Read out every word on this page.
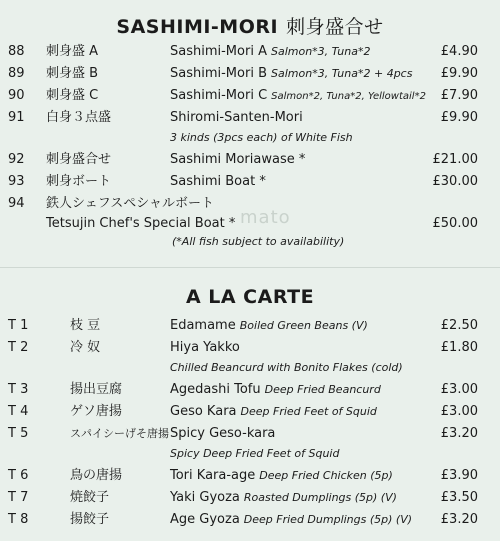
SASHIMI-MORI 刺身盛合せ
88 刺身盛 A	Sashimi-Mori A Salmon*3, Tuna*2	£4.90
89 刺身盛 B	Sashimi-Mori B Salmon*3, Tuna*2 + 4pcs £9.90
90 刺身盛 C	Sashimi-Mori C Salmon*2, Tuna*2, Yellowtail*2 £7.90
91 白身３点盛	Shiromi-Santen-Mori	£9.90
3 kinds (3pcs each) of White Fish
92 刺身盛合せ	Sashimi Moriawase *	£21.00
93 刺身ボート	Sashimi Boat *	£30.00
94 鉄人シェフスペシャルボート
Tetsujin Chef's Special Boat *	£50.00
mato
(*All fish subject to availability)
A LA CARTE
T 1	枝 豆	Edamame Boiled Green Beans (V)	£2.50
T 2	冷 奴	Hiya Yakko	£1.80
Chilled Beancurd with Bonito Flakes (cold)
T 3	揚出豆腐	Agedashi Tofu Deep Fried Beancurd	£3.00
T 4	ゲソ唐揚	Geso Kara Deep Fried Feet of Squid	£3.00
T 5	スパイシーげそ唐揚 Spicy Geso-kara	£3.20
Spicy Deep Fried Feet of Squid
T 6	鳥の唐揚	Tori Kara-age Deep Fried Chicken (5p)	£3.90
T 7	焼餃子	Yaki Gyoza Roasted Dumplings (5p) (V)	£3.50
T 8	揚餃子	Age Gyoza Deep Fried Dumplings (5p) (V) £3.20
